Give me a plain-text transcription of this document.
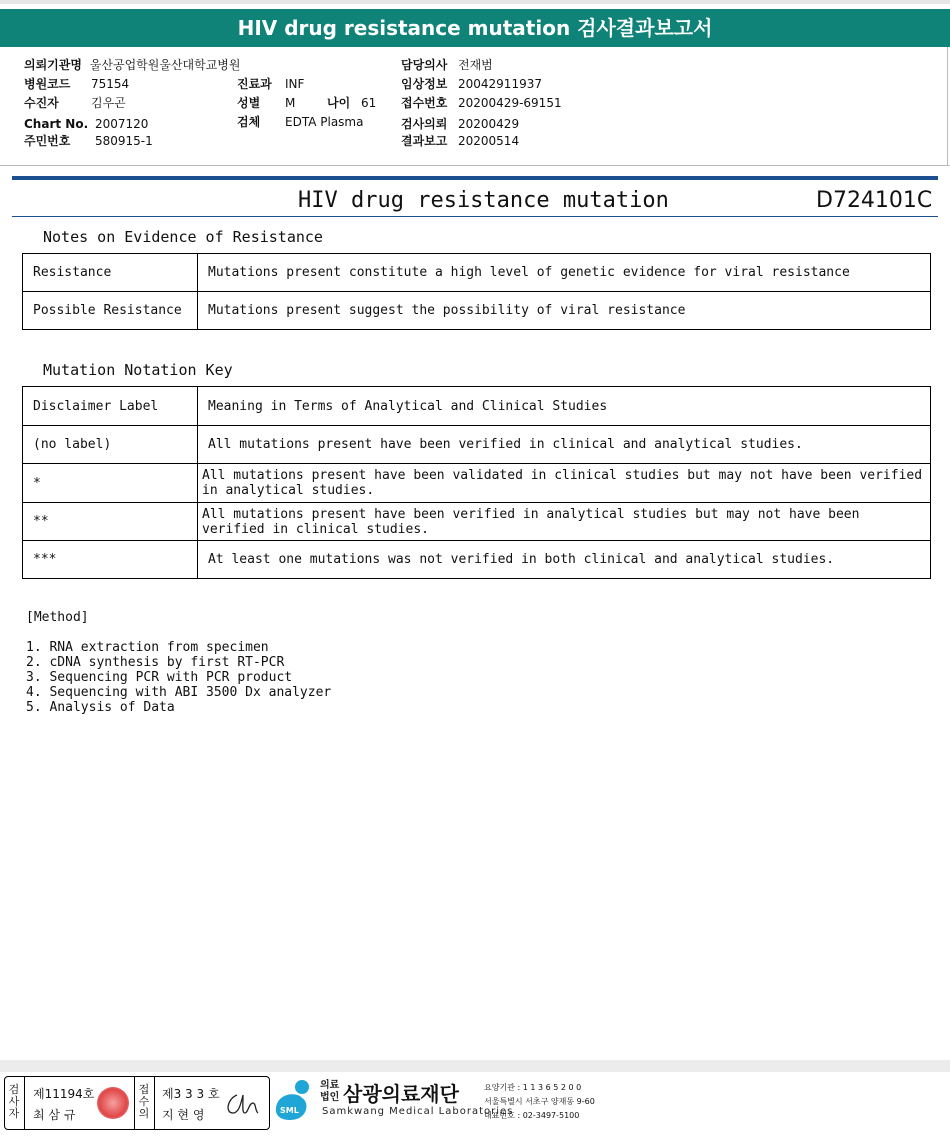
HIV drug resistance mutation 검사결과보고서
의뢰기관명 울산공업학원울산대학교병원
병원코드 75154
수진자	김우곤
Chart No. 2007120
주민번호 580915-1
진료과 INF
성별 M	나이 61
검체 EDTA Plasma
담당의사 전재범
임상정보 20042911937
접수번호 20200429-69151
검사의뢰 20200429
결과보고 20200514
HIV drug resistance mutation	D724101C
Notes on Evidence of Resistance
Resistance	Mutations present constitute a high level of genetic evidence for viral resistance
Possible Resistance	Mutations present suggest the possibility of viral resistance
Mutation Notation Key
Disclaimer Label	Meaning in Terms of Analytical and Clinical Studies
(no label)	All mutations present have been verified in clinical and analytical studies.
*	All mutations present have been validated in clinical studies but may not have been verified in analytical studies.
**	All mutations present have been verified in analytical studies but may not have been verified in clinical studies.
***	At least one mutations was not verified in both clinical and analytical studies.
[Method]
1. RNA extraction from specimen
2. cDNA synthesis by first RT-PCR
3. Sequencing PCR with PCR product
4. Sequencing with ABI 3500 Dx analyzer
5. Analysis of Data
검
사
자
제11194호
최 삼 규
접
수
의
제3 3 3 호
지 현 영	SML
의료
법인 삼광의료재단
Samkwang Medical Laboratories
요양기관 : 1 1 3 6 5 2 0 0
서울특별시 서초구 양재동 9-60
대표번호 : 02-3497-5100
